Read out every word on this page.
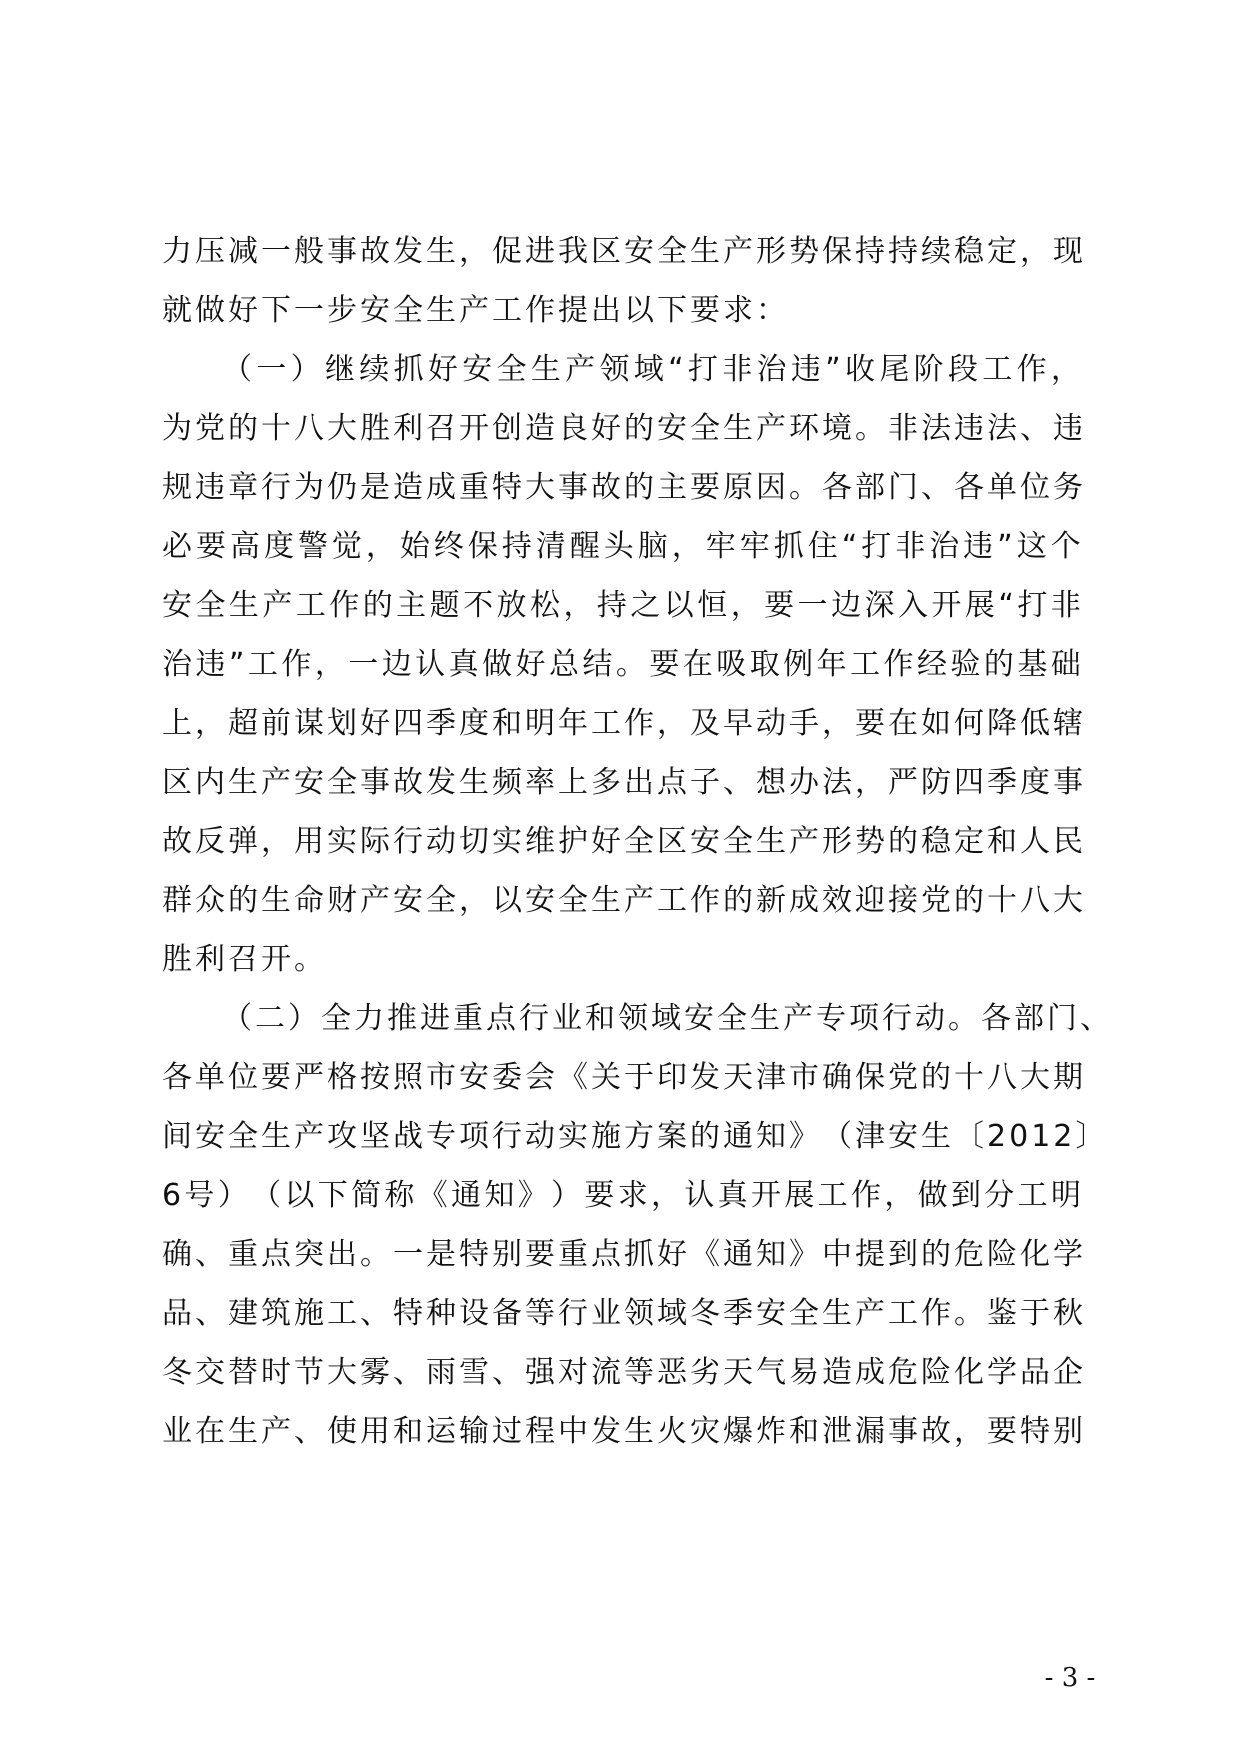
力 压 减 一 般 事 故 发 生 ， 促 进 我 区 安 全 生 产 形 势 保 持 持 续 稳 定 ， 现
就做好下一步安全生产工作提出以下要求：
（ 一 ） 继 续 抓 好 安 全 生 产 领 域 “ 打 非 治 违 ” 收 尾 阶 段 工 作 ，
为 党 的 十 八 大 胜 利 召 开 创 造 良 好 的 安 全 生 产 环 境 。 非 法 违 法 、 违
规 违 章 行 为 仍 是 造 成 重 特 大 事 故 的 主 要 原 因 。 各 部 门 、 各 单 位 务
必 要 高 度 警 觉 ， 始 终 保 持 清 醒 头 脑 ， 牢 牢 抓 住 “ 打 非 治 违 ” 这 个
安 全 生 产 工 作 的 主 题 不 放 松 ， 持 之 以 恒 ， 要 一 边 深 入 开 展 “ 打 非
治 违 ” 工 作 ， 一 边 认 真 做 好 总 结 。 要 在 吸 取 例 年 工 作 经 验 的 基 础
上 ， 超 前 谋 划 好 四 季 度 和 明 年 工 作 ， 及 早 动 手 ， 要 在 如 何 降 低 辖
区 内 生 产 安 全 事 故 发 生 频 率 上 多 出 点 子 、 想 办 法 ， 严 防 四 季 度 事
故 反 弹 ， 用 实 际 行 动 切 实 维 护 好 全 区 安 全 生 产 形 势 的 稳 定 和 人 民
群 众 的 生 命 财 产 安 全 ， 以 安 全 生 产 工 作 的 新 成 效 迎 接 党 的 十 八 大
胜利召开。
（ 二 ） 全 力 推 进 重 点 行 业 和 领 域 安 全 生 产 专 项 行 动 。 各 部 门 、
各 单 位 要 严 格 按 照 市 安 委 会 《 关 于 印 发 天 津 市 确 保 党 的 十 八 大 期
间 安 全 生 产 攻 坚 战 专 项 行 动 实 施 方 案 的 通 知 》 （ 津 安 生 〔 2 0 1 2 〕
6 号 ） （ 以 下 简 称 《 通 知 》 ） 要 求 ， 认 真 开 展 工 作 ， 做 到 分 工 明
确 、 重 点 突 出 。 一 是 特 别 要 重 点 抓 好 《 通 知 》 中 提 到 的 危 险 化 学
品 、 建 筑 施 工 、 特 种 设 备 等 行 业 领 域 冬 季 安 全 生 产 工 作 。 鉴 于 秋
冬 交 替 时 节 大 雾 、 雨 雪 、 强 对 流 等 恶 劣 天 气 易 造 成 危 险 化 学 品 企
业 在 生 产 、 使 用 和 运 输 过 程 中 发 生 火 灾 爆 炸 和 泄 漏 事 故 ， 要 特 别
- 3 -
